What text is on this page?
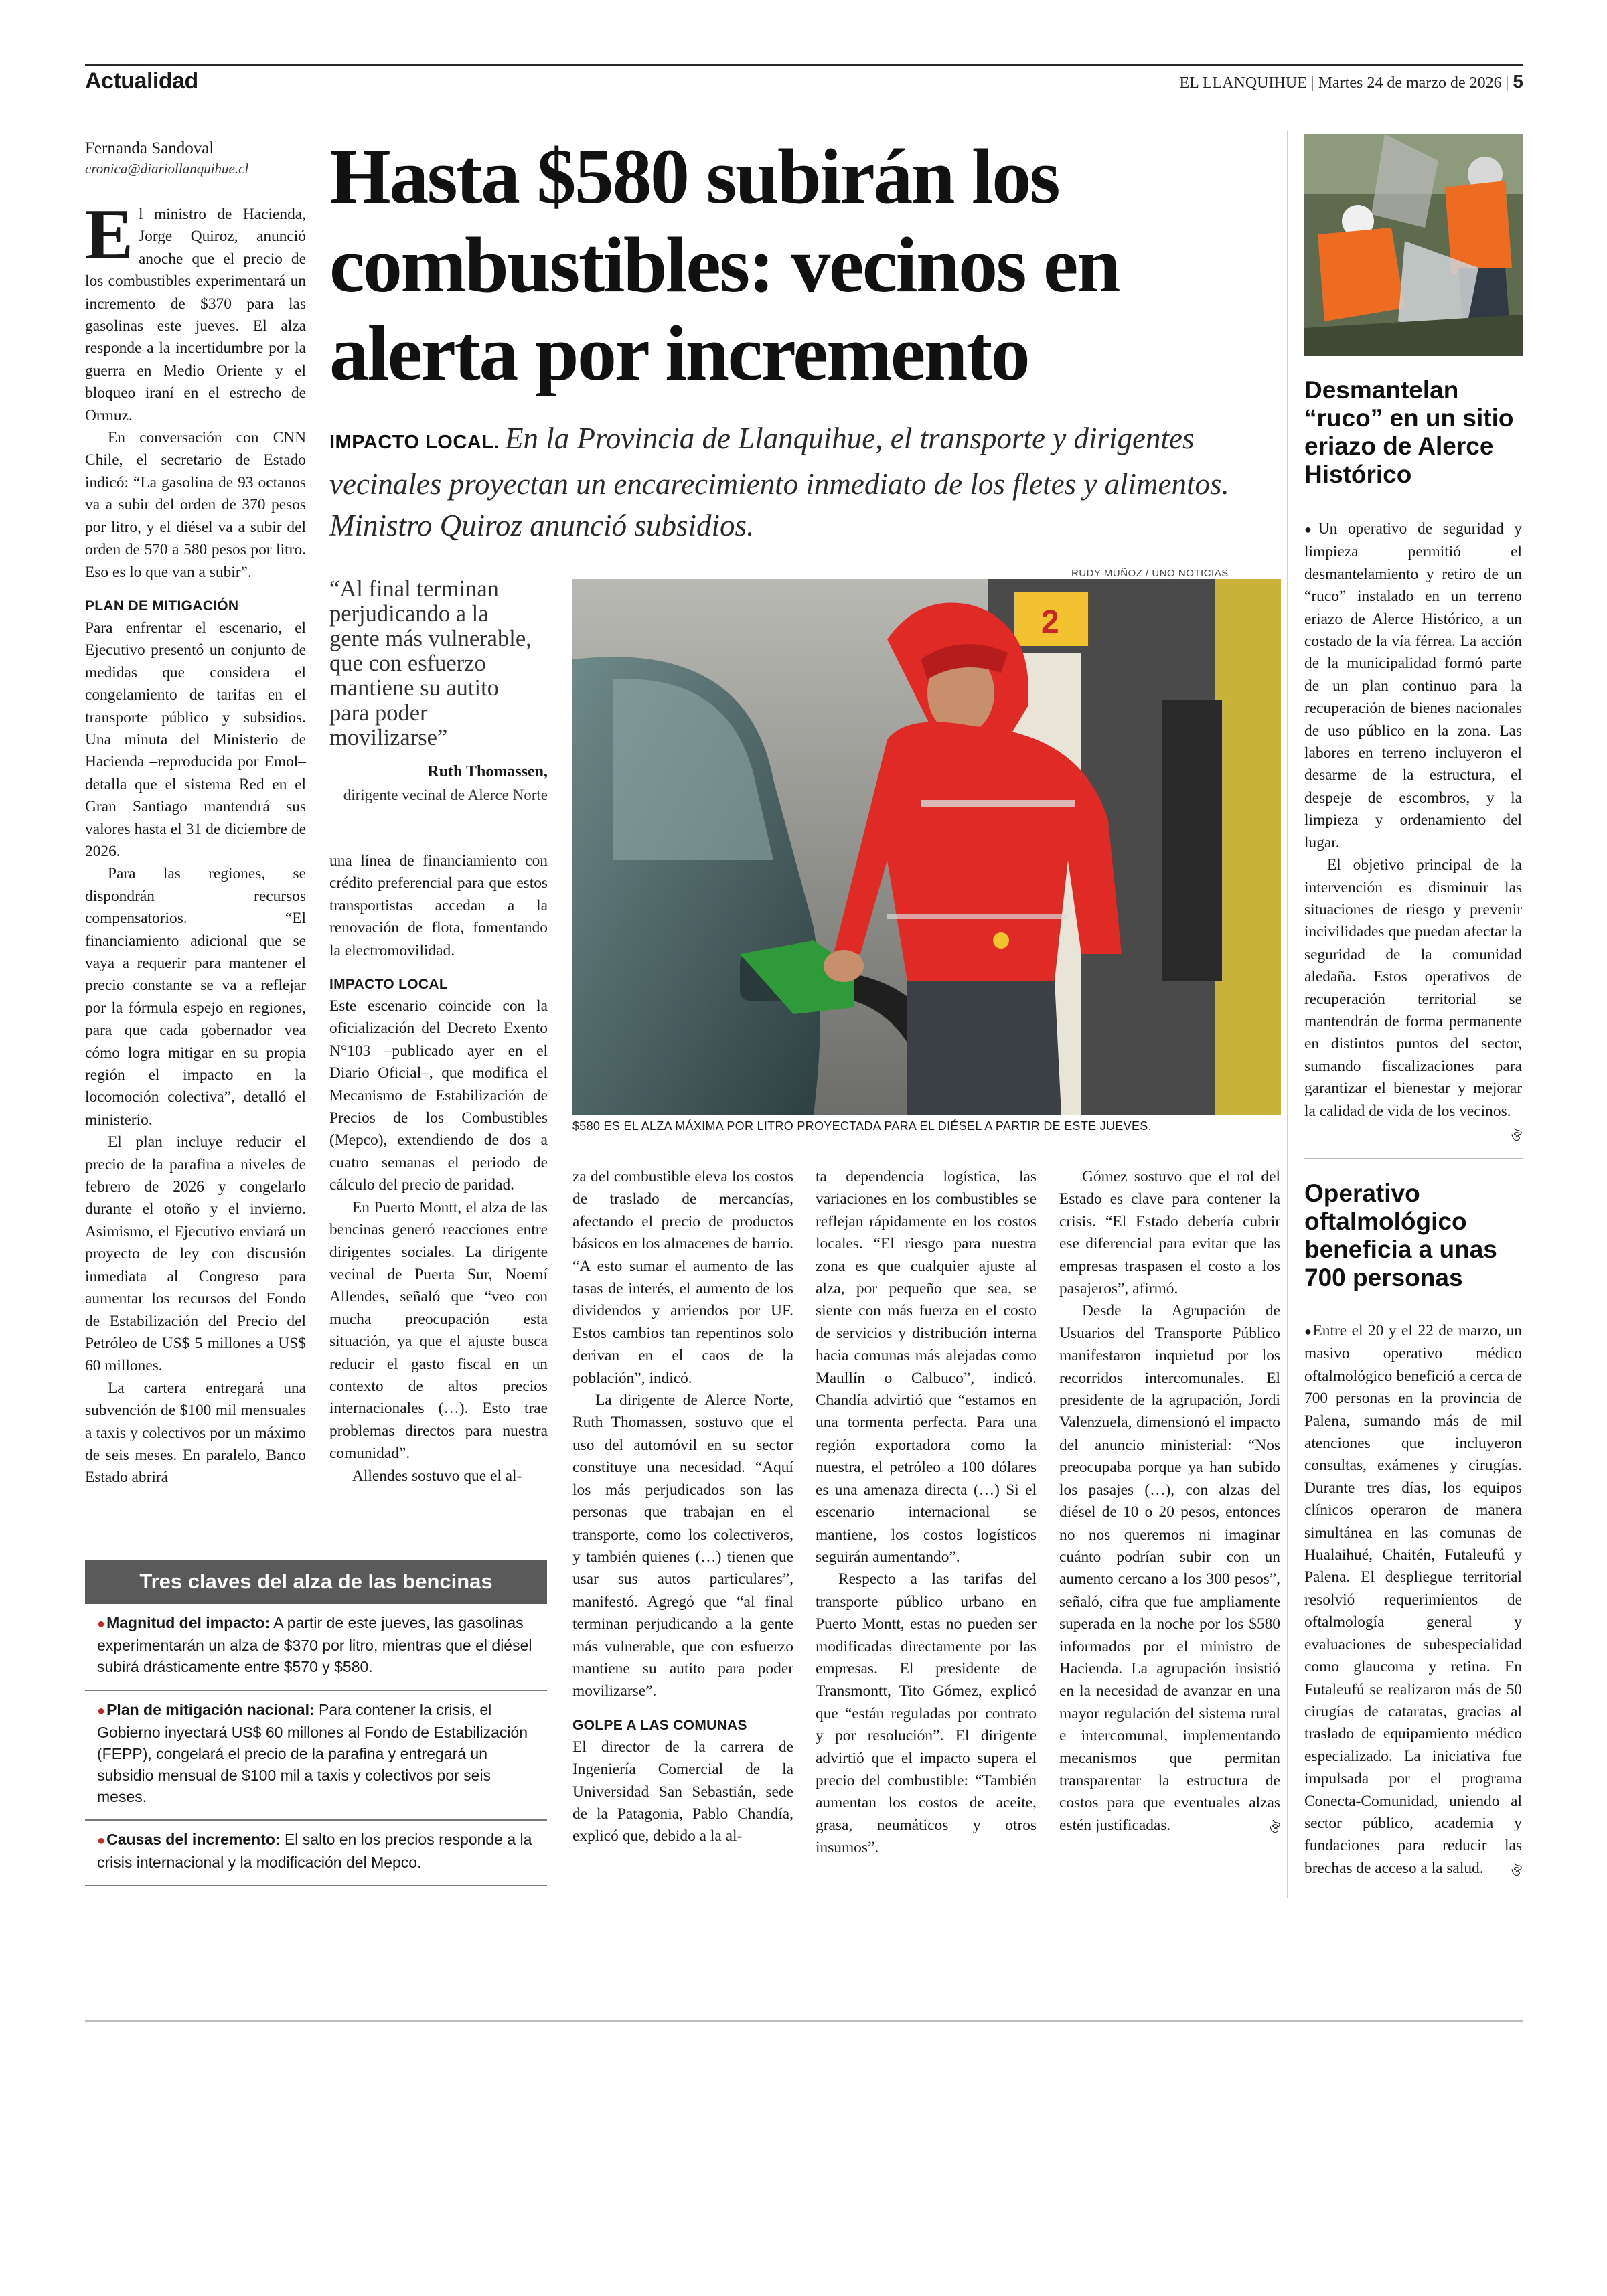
Actualidad	EL LLANQUIHUE | Martes 24 de marzo de 2026 | 5
Fernanda Sandoval
cronica@diariollanquihue.cl Hasta $580 subirán los combustibles: vecinos en alerta por incremento
IMPACTO LOCAL. En la Provincia de Llanquihue, el transporte y dirigentes vecinales proyectan un encarecimiento inmediato de los fletes y alimentos. Ministro Quiroz anunció subsidios.

El ministro de Hacienda, Jorge Quiroz, anunció anoche que el precio de los combustibles experimentará un incremento de $370 para las gasolinas este jueves. El alza responde a la incertidumbre por la guerra en Medio Oriente y el bloqueo iraní en el estrecho de Ormuz.

En conversación con CNN Chile, el secretario de Estado indicó: “La gasolina de 93 octanos va a subir del orden de 370 pesos por litro, y el diésel va a subir del orden de 570 a 580 pesos por litro. Eso es lo que van a subir”.

PLAN DE MITIGACIÓN

Para enfrentar el escenario, el Ejecutivo presentó un conjunto de medidas que considera el congelamiento de tarifas en el transporte público y subsidios. Una minuta del Ministerio de Hacienda –reproducida por Emol– detalla que el sistema Red en el Gran Santiago mantendrá sus valores hasta el 31 de diciembre de 2026.

Para las regiones, se dispondrán recursos compensatorios. “El financiamiento adicional que se vaya a requerir para mantener el precio constante se va a reflejar por la fórmula espejo en regiones, para que cada gobernador vea cómo logra mitigar en su propia región el impacto en la locomoción colectiva”, detalló el ministerio.

El plan incluye reducir el precio de la parafina a niveles de febrero de 2026 y congelarlo durante el otoño y el invierno. Asimismo, el Ejecutivo enviará un proyecto de ley con discusión inmediata al Congreso para aumentar los recursos del Fondo de Estabilización del Precio del Petróleo de US$ 5 millones a US$ 60 millones.

La cartera entregará una subvención de $100 mil mensuales a taxis y colectivos por un máximo de seis meses. En paralelo, Banco Estado abrirá

“Al final terminan perjudicando a la gente más vulnerable, que con esfuerzo mantiene su autito para poder movilizarse”
Ruth Thomassen,
dirigente vecinal de Alerce Norte

una línea de financiamiento con crédito preferencial para que estos transportistas accedan a la renovación de flota, fomentando la electromovilidad.

IMPACTO LOCAL

Este escenario coincide con la oficialización del Decreto Exento N°103 –publicado ayer en el Diario Oficial–, que modifica el Mecanismo de Estabilización de Precios de los Combustibles (Mepco), extendiendo de dos a cuatro semanas el periodo de cálculo del precio de paridad.

En Puerto Montt, el alza de las bencinas generó reacciones entre dirigentes sociales. La dirigente vecinal de Puerta Sur, Noemí Allendes, señaló que “veo con mucha preocupación esta situación, ya que el ajuste busca reducir el gasto fiscal en un contexto de altos precios internacionales (…). Esto trae problemas directos para nuestra comunidad”.

Allendes sostuvo que el al-

RUDY MUÑOZ / UNO NOTICIAS
2
$580 ES EL ALZA MÁXIMA POR LITRO PROYECTADA PARA EL DIÉSEL A PARTIR DE ESTE JUEVES.

za del combustible eleva los costos de traslado de mercancías, afectando el precio de productos básicos en los almacenes de barrio. “A esto sumar el aumento de las tasas de interés, el aumento de los dividendos y arriendos por UF. Estos cambios tan repentinos solo derivan en el caos de la población”, indicó.

La dirigente de Alerce Norte, Ruth Thomassen, sostuvo que el uso del automóvil en su sector constituye una necesidad. “Aquí los más perjudicados son las personas que trabajan en el transporte, como los colectiveros, y también quienes (…) tienen que usar sus autos particulares”, manifestó. Agregó que “al final terminan perjudicando a la gente más vulnerable, que con esfuerzo mantiene su autito para poder movilizarse”.

GOLPE A LAS COMUNAS

El director de la carrera de Ingeniería Comercial de la Universidad San Sebastián, sede de la Patagonia, Pablo Chandía, explicó que, debido a la al-

ta dependencia logística, las variaciones en los combustibles se reflejan rápidamente en los costos locales. “El riesgo para nuestra zona es que cualquier ajuste al alza, por pequeño que sea, se siente con más fuerza en el costo de servicios y distribución interna hacia comunas más alejadas como Maullín o Calbuco”, indicó. Chandía advirtió que “estamos en una tormenta perfecta. Para una región exportadora como la nuestra, el petróleo a 100 dólares es una amenaza directa (…) Si el escenario internacional se mantiene, los costos logísticos seguirán aumentando”.

Respecto a las tarifas del transporte público urbano en Puerto Montt, estas no pueden ser modificadas directamente por las empresas. El presidente de Transmontt, Tito Gómez, explicó que “están reguladas por contrato y por resolución”. El dirigente advirtió que el impacto supera el precio del combustible: “También aumentan los costos de aceite, grasa, neumáticos y otros insumos”.

Gómez sostuvo que el rol del Estado es clave para contener la crisis. “El Estado debería cubrir ese diferencial para evitar que las empresas traspasen el costo a los pasajeros”, afirmó.

Desde la Agrupación de Usuarios del Transporte Público manifestaron inquietud por los recorridos intercomunales. El presidente de la agrupación, Jordi Valenzuela, dimensionó el impacto del anuncio ministerial: “Nos preocupaba porque ya han subido los pasajes (…), con alzas del diésel de 10 o 20 pesos, entonces no nos queremos ni imaginar cuánto podrían subir con un aumento cercano a los 300 pesos”, señaló, cifra que fue ampliamente superada en la noche por los $580 informados por el ministro de Hacienda. La agrupación insistió en la necesidad de avanzar en una mayor regulación del sistema rural e intercomunal, implementando mecanismos que permitan transparentar la estructura de costos para que eventuales alzas estén justificadas.	ঔ

Tres claves del alza de las bencinas
●Magnitud del impacto: A partir de este jueves, las gasolinas experimentarán un alza de $370 por litro, mientras que el diésel subirá drásticamente entre $570 y $580.
●Plan de mitigación nacional: Para contener la crisis, el Gobierno inyectará US$ 60 millones al Fondo de Estabilización (FEPP), congelará el precio de la parafina y entregará un subsidio mensual de $100 mil a taxis y colectivos por seis meses.
●Causas del incremento: El salto en los precios responde a la crisis internacional y la modificación del Mepco.
Desmantelan “ruco” en un sitio eriazo de Alerce Histórico

●Un operativo de seguridad y limpieza permitió el desmantelamiento y retiro de un “ruco” instalado en un terreno eriazo de Alerce Histórico, a un costado de la vía férrea. La acción de la municipalidad formó parte de un plan continuo para la recuperación de bienes nacionales de uso público en la zona. Las labores en terreno incluyeron el desarme de la estructura, el despeje de escombros, y la limpieza y ordenamiento del lugar.

El objetivo principal de la intervención es disminuir las situaciones de riesgo y prevenir incivilidades que puedan afectar la seguridad de la comunidad aledaña. Estos operativos de recuperación territorial se mantendrán de forma permanente en distintos puntos del sector, sumando fiscalizaciones para garantizar el bienestar y mejorar la calidad de vida de los vecinos.
ঔ

Operativo oftalmológico beneficia a unas 700 personas

●Entre el 20 y el 22 de marzo, un masivo operativo médico oftalmológico benefició a cerca de 700 personas en la provincia de Palena, sumando más de mil atenciones que incluyeron consultas, exámenes y cirugías. Durante tres días, los equipos clínicos operaron de manera simultánea en las comunas de Hualaihué, Chaitén, Futaleufú y Palena. El despliegue territorial resolvió requerimientos de oftalmología general y evaluaciones de subespecialidad como glaucoma y retina. En Futaleufú se realizaron más de 50 cirugías de cataratas, gracias al traslado de equipamiento médico especializado. La iniciativa fue impulsada por el programa Conecta-Comunidad, uniendo al sector público, academia y fundaciones para reducir las brechas de acceso a la salud. ঔ
